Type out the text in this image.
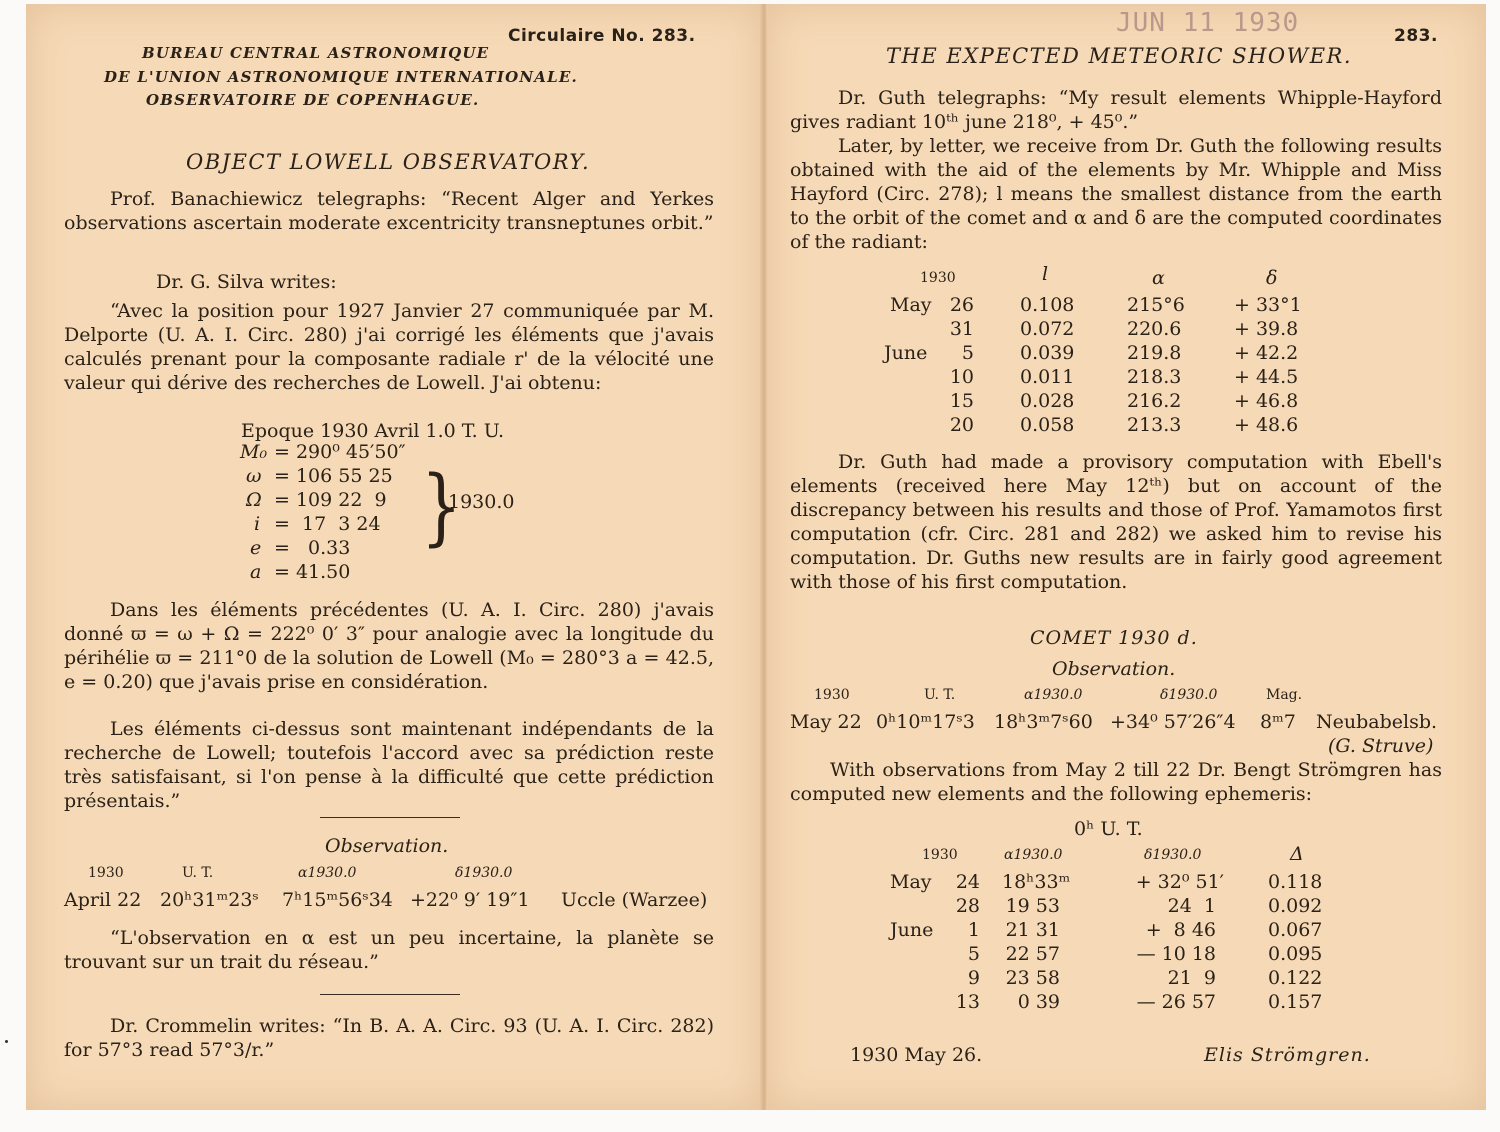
BUREAU CENTRAL ASTRONOMIQUE
DE L'UNION ASTRONOMIQUE INTERNATIONALE.
OBSERVATOIRE DE COPENHAGUE.
Circulaire No. 283.
OBJECT LOWELL OBSERVATORY.
Prof. Banachiewicz telegraphs: “Recent Alger and Yerkes observations ascertain moderate excentricity transneptunes orbit.”
Dr. G. Silva writes:
“Avec la position pour 1927 Janvier 27 communiquée par M. Delporte (U. A. I. Circ. 280) j'ai corrigé les éléments que j'avais calculés prenant pour la composante radiale r' de la vélocité une valeur qui dérive des recherches de Lowell. J'ai obtenu:
Epoque 1930 Avril 1.0 T. U.
M₀ = 290⁰ 45′50″
ω = 106 55 25
Ω = 109 22  9
i =  17  3 24
e =   0.33
a = 41.50
}
1930.0
Dans les éléments précédentes (U. A. I. Circ. 280) j'avais donné ϖ = ω + Ω = 222⁰ 0′ 3″ pour analogie avec la longitude du périhélie ϖ = 211°0 de la solution de Lowell (M₀ = 280°3 a = 42.5, e = 0.20) que j'avais prise en considération.
Les éléments ci-dessus sont maintenant indépendants de la recherche de Lowell; toutefois l'accord avec sa prédiction reste très satisfaisant, si l'on pense à la difficulté que cette prédiction présentais.”
Observation.
1930	U. T.	α1930.0	δ1930.0
April 22 20ʰ31ᵐ23ˢ 7ʰ15ᵐ56ˢ34 +22⁰ 9′ 19″1 Uccle (Warzee)
“L'observation en α est un peu incertaine, la planète se trouvant sur un trait du réseau.”
Dr. Crommelin writes: “In B. A. A. Circ. 93 (U. A. I. Circ. 282) for 57°3 read 57°3/r.”
JUN 11 1930	283.
THE EXPECTED METEORIC SHOWER.
Dr. Guth telegraphs: “My result elements Whipple-Hayford gives radiant 10ᵗʰ june 218⁰, + 45⁰.”
Later, by letter, we receive from Dr. Guth the following results obtained with the aid of the elements by Mr. Whipple and Miss Hayford (Circ. 278); l means the smallest distance from the earth to the orbit of the comet and α and δ are the computed coordinates of the radiant:
1930	l	α	δ
May 26 0.108	215°6	+ 33°1
31 0.072	220.6	+ 39.8
June	5 0.039	219.8	+ 42.2
10 0.011	218.3	+ 44.5
15 0.028	216.2	+ 46.8
20 0.058	213.3	+ 48.6
Dr. Guth had made a provisory computation with Ebell's elements (received here May 12ᵗʰ) but on account of the discrepancy between his results and those of Prof. Yamamotos first computation (cfr. Circ. 281 and 282) we asked him to revise his computation. Dr. Guths new results are in fairly good agreement with those of his first computation.
COMET 1930 d.
Observation.
1930	U. T.	α1930.0	δ1930.0	Mag.
May 22 0ʰ10ᵐ17ˢ3 18ʰ3ᵐ7ˢ60 +34⁰ 57′26″4 8ᵐ7 Neubabelsb.
(G. Struve)
With observations from May 2 till 22 Dr. Bengt Strömgren has computed new elements and the following ephemeris:
0ʰ U. T.
1930	α1930.0	δ1930.0	Δ
May	24 18ʰ33ᵐ	+ 32⁰ 51′ 0.118
28	19 53	24  1	0.092
June	1	21 31	+  8 46	0.067
5	22 57	— 10 18	0.095
9	23 58	21  9	0.122
13	0 39	— 26 57	0.157
1930 May 26.	Elis Strömgren.
